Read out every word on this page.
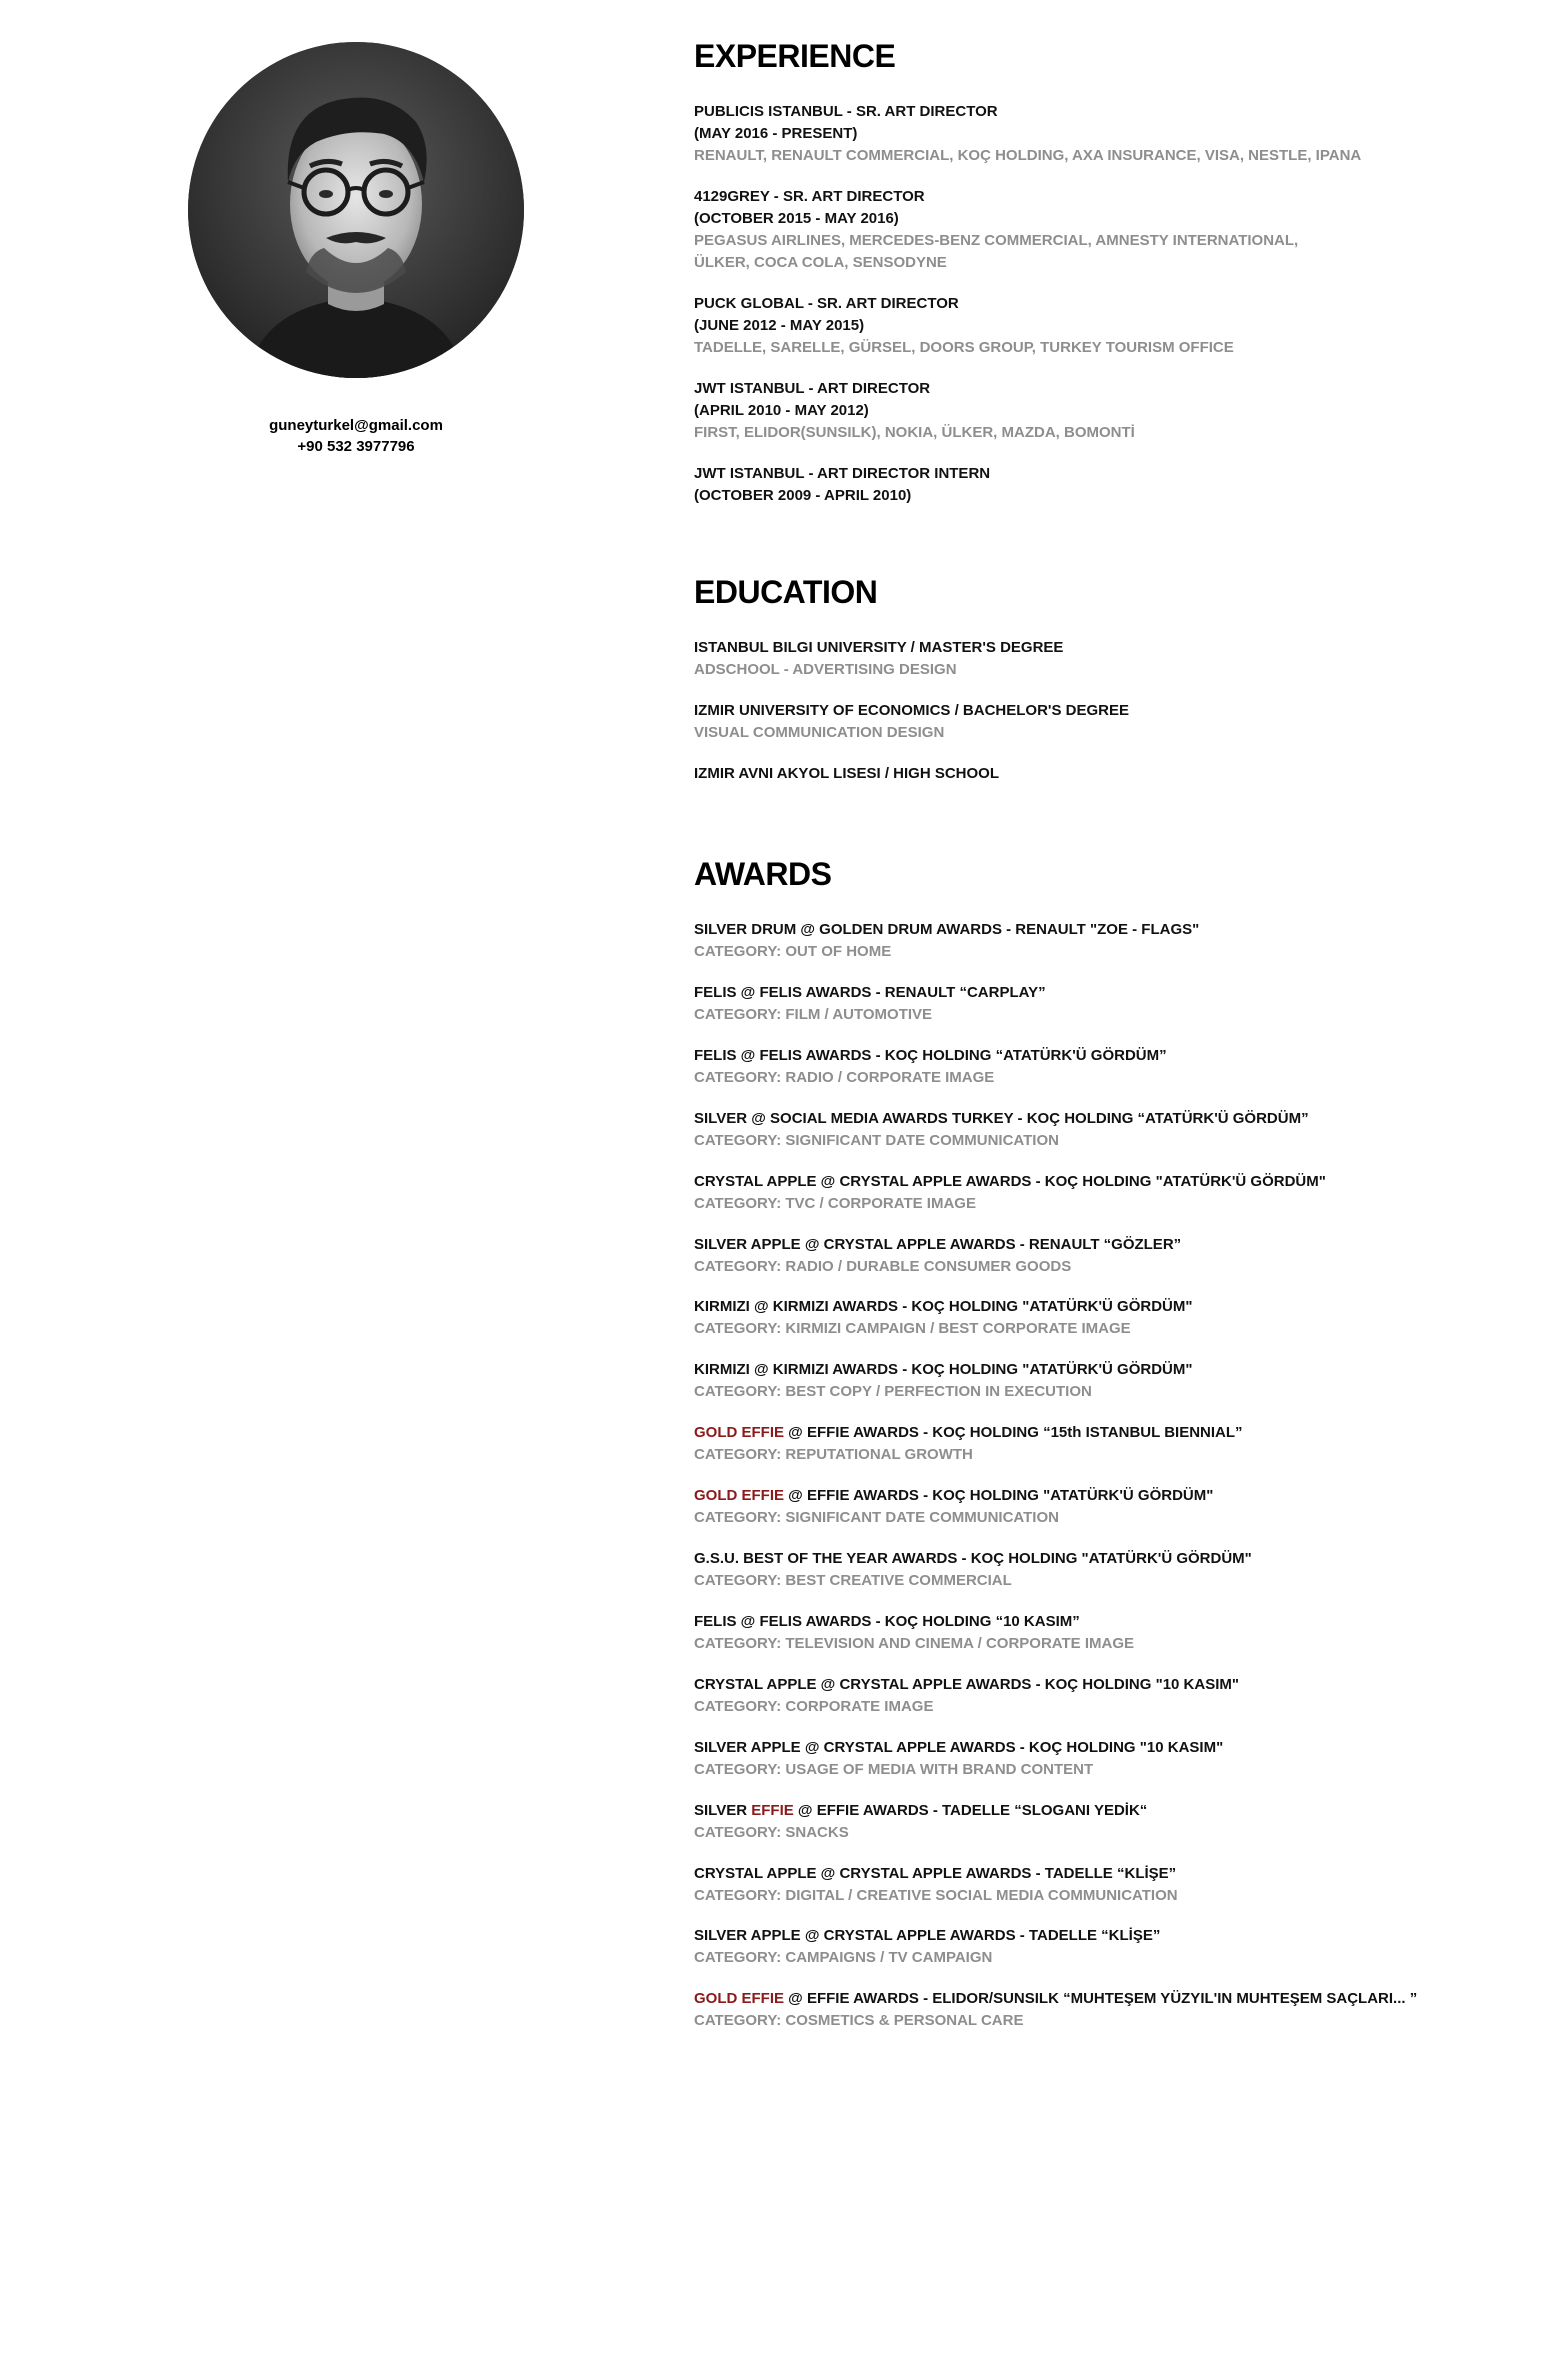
guneyturkel@gmail.com
+90 532 3977796
EXPERIENCE
PUBLICIS ISTANBUL - SR. ART DIRECTOR
(MAY 2016 - PRESENT)
RENAULT, RENAULT COMMERCIAL, KOÇ HOLDING, AXA INSURANCE, VISA, NESTLE, IPANA
4129GREY - SR. ART DIRECTOR
(OCTOBER 2015 - MAY 2016)
PEGASUS AIRLINES, MERCEDES-BENZ COMMERCIAL, AMNESTY INTERNATIONAL,
ÜLKER, COCA COLA, SENSODYNE
PUCK GLOBAL - SR. ART DIRECTOR
(JUNE 2012 - MAY 2015)
TADELLE, SARELLE, GÜRSEL, DOORS GROUP, TURKEY TOURISM OFFICE
JWT ISTANBUL - ART DIRECTOR
(APRIL 2010 - MAY 2012)
FIRST, ELIDOR(SUNSILK), NOKIA, ÜLKER, MAZDA, BOMONTİ
JWT ISTANBUL - ART DIRECTOR INTERN
(OCTOBER 2009 - APRIL 2010)
EDUCATION
ISTANBUL BILGI UNIVERSITY / MASTER'S DEGREE
ADSCHOOL - ADVERTISING DESIGN
IZMIR UNIVERSITY OF ECONOMICS / BACHELOR'S DEGREE
VISUAL COMMUNICATION DESIGN
IZMIR AVNI AKYOL LISESI / HIGH SCHOOL
AWARDS
SILVER DRUM @ GOLDEN DRUM AWARDS - RENAULT "ZOE - FLAGS"
CATEGORY: OUT OF HOME
FELIS @ FELIS AWARDS - RENAULT “CARPLAY”
CATEGORY: FILM / AUTOMOTIVE
FELIS @ FELIS AWARDS - KOÇ HOLDING “ATATÜRK'Ü GÖRDÜM”
CATEGORY: RADIO / CORPORATE IMAGE
SILVER @ SOCIAL MEDIA AWARDS TURKEY - KOÇ HOLDING “ATATÜRK'Ü GÖRDÜM”
CATEGORY: SIGNIFICANT DATE COMMUNICATION
CRYSTAL APPLE @ CRYSTAL APPLE AWARDS - KOÇ HOLDING "ATATÜRK'Ü GÖRDÜM"
CATEGORY: TVC / CORPORATE IMAGE
SILVER APPLE @ CRYSTAL APPLE AWARDS - RENAULT “GÖZLER”
CATEGORY: RADIO / DURABLE CONSUMER GOODS
KIRMIZI @ KIRMIZI AWARDS - KOÇ HOLDING "ATATÜRK'Ü GÖRDÜM"
CATEGORY: KIRMIZI CAMPAIGN / BEST CORPORATE IMAGE
KIRMIZI @ KIRMIZI AWARDS - KOÇ HOLDING "ATATÜRK'Ü GÖRDÜM"
CATEGORY: BEST COPY / PERFECTION IN EXECUTION
GOLD EFFIE @ EFFIE AWARDS - KOÇ HOLDING “15th ISTANBUL BIENNIAL”
CATEGORY: REPUTATIONAL GROWTH
GOLD EFFIE @ EFFIE AWARDS - KOÇ HOLDING "ATATÜRK'Ü GÖRDÜM"
CATEGORY: SIGNIFICANT DATE COMMUNICATION
G.S.U. BEST OF THE YEAR AWARDS - KOÇ HOLDING "ATATÜRK'Ü GÖRDÜM"
CATEGORY: BEST CREATIVE COMMERCIAL
FELIS @ FELIS AWARDS - KOÇ HOLDING “10 KASIM”
CATEGORY: TELEVISION AND CINEMA / CORPORATE IMAGE
CRYSTAL APPLE @ CRYSTAL APPLE AWARDS - KOÇ HOLDING "10 KASIM"
CATEGORY: CORPORATE IMAGE
SILVER APPLE @ CRYSTAL APPLE AWARDS - KOÇ HOLDING "10 KASIM"
CATEGORY: USAGE OF MEDIA WITH BRAND CONTENT
SILVER EFFIE @ EFFIE AWARDS - TADELLE “SLOGANI YEDİK“
CATEGORY: SNACKS
CRYSTAL APPLE @ CRYSTAL APPLE AWARDS - TADELLE “KLİŞE”
CATEGORY: DIGITAL / CREATIVE SOCIAL MEDIA COMMUNICATION
SILVER APPLE @ CRYSTAL APPLE AWARDS - TADELLE “KLİŞE”
CATEGORY: CAMPAIGNS / TV CAMPAIGN
GOLD EFFIE @ EFFIE AWARDS - ELIDOR/SUNSILK “MUHTEŞEM YÜZYIL'IN MUHTEŞEM SAÇLARI... ”
CATEGORY: COSMETICS & PERSONAL CARE
